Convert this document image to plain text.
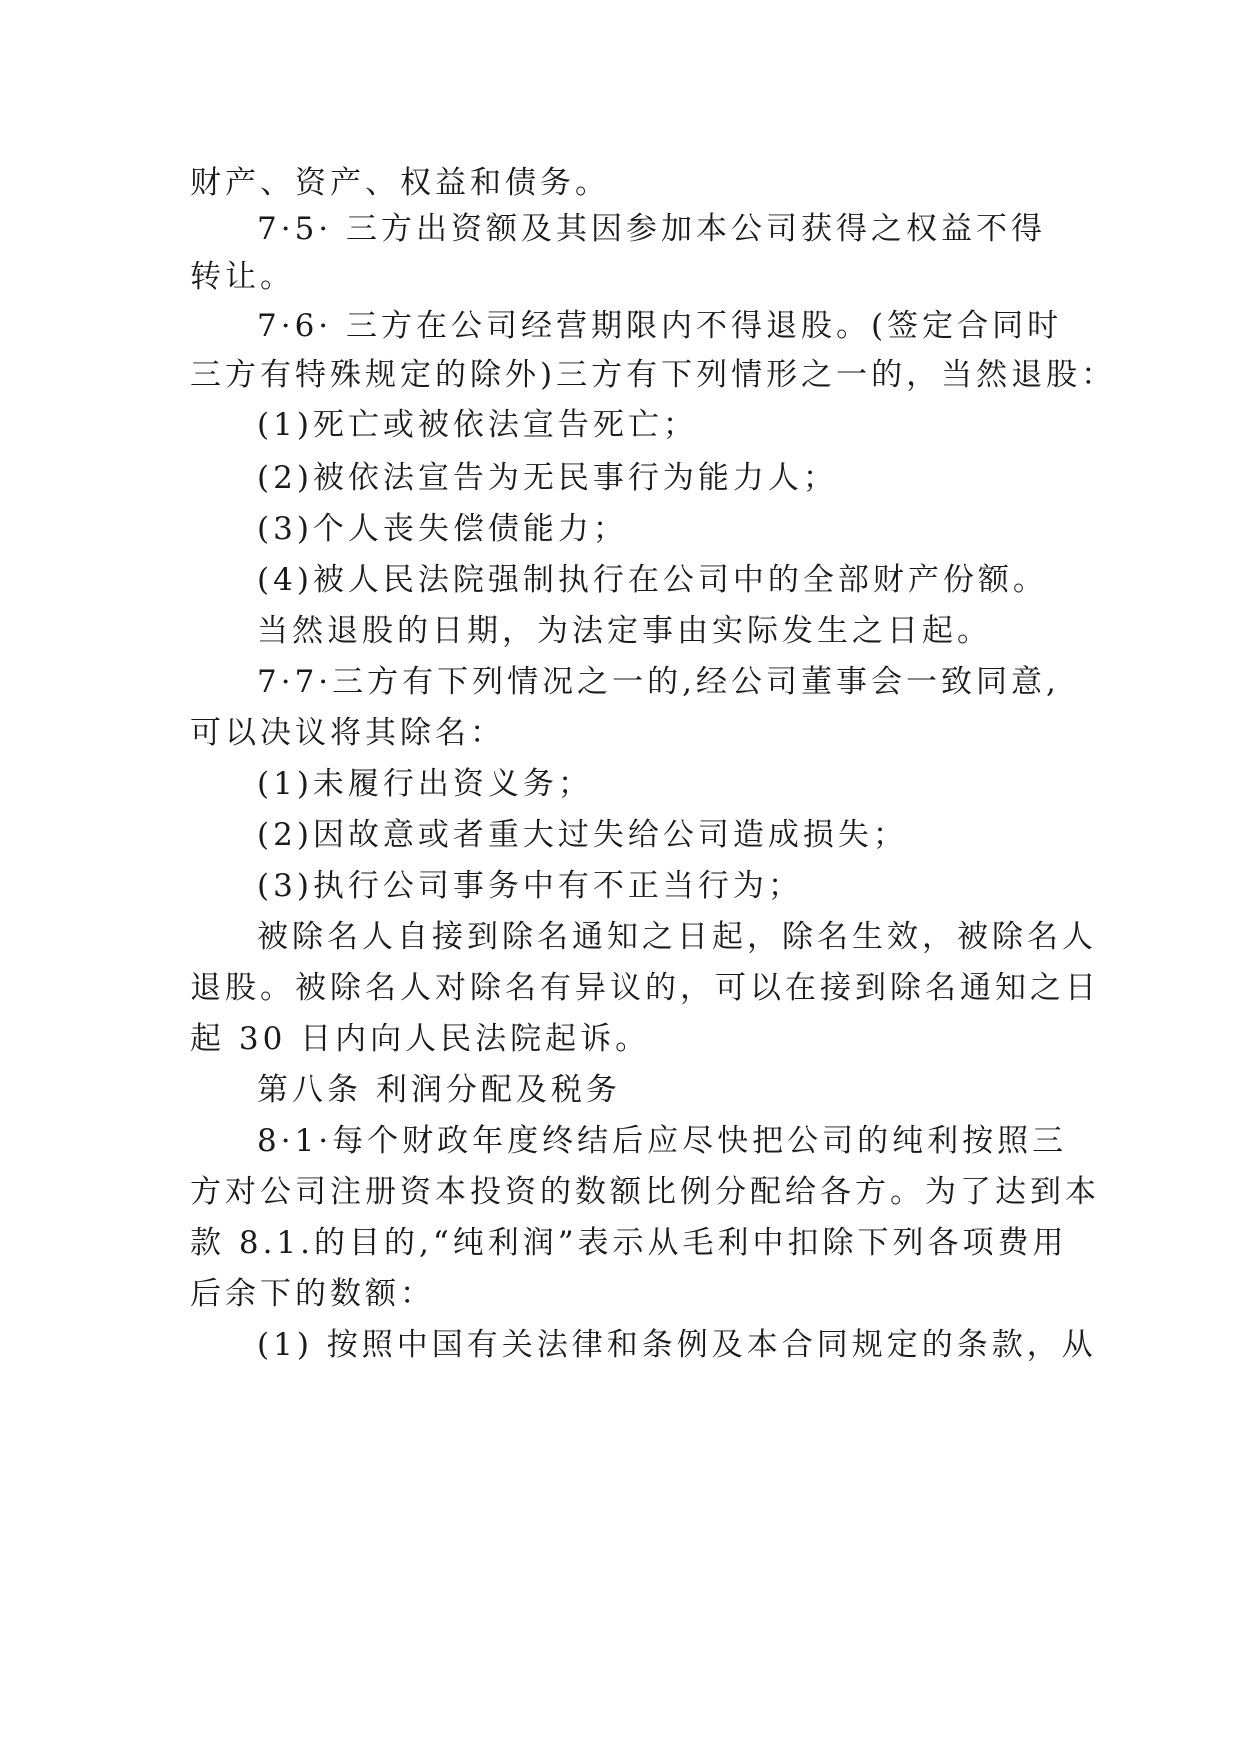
财产、资产、权益和债务。
7·5· 三方出资额及其因参加本公司获得之权益不得
转让。
7·6· 三方在公司经营期限内不得退股。(签定合同时
三方有特殊规定的除外)三方有下列情形之一的，当然退股：
(1)死亡或被依法宣告死亡；
(2)被依法宣告为无民事行为能力人；
(3)个人丧失偿债能力；
(4)被人民法院强制执行在公司中的全部财产份额。
当然退股的日期，为法定事由实际发生之日起。
7·7·三方有下列情况之一的,经公司董事会一致同意,
可以决议将其除名：
(1)未履行出资义务；
(2)因故意或者重大过失给公司造成损失；
(3)执行公司事务中有不正当行为；
被除名人自接到除名通知之日起，除名生效，被除名人
退股。被除名人对除名有异议的，可以在接到除名通知之日
起 30 日内向人民法院起诉。
第八条 利润分配及税务
8·1·每个财政年度终结后应尽快把公司的纯利按照三
方对公司注册资本投资的数额比例分配给各方。为了达到本
款 8.1.的目的,“纯利润”表示从毛利中扣除下列各项费用
后余下的数额：
(1) 按照中国有关法律和条例及本合同规定的条款，从
